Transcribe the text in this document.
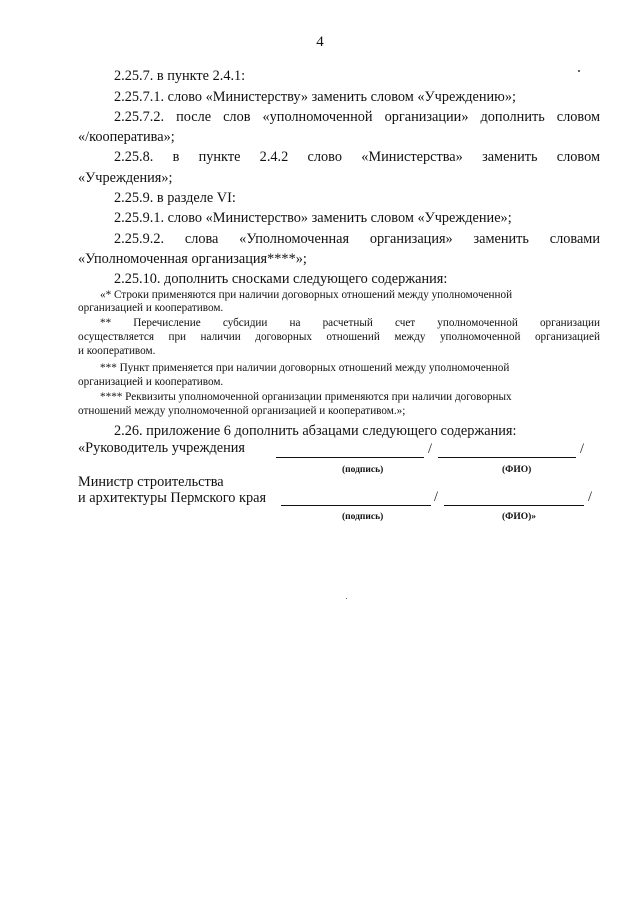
4
2.25.7. в пункте 2.4.1:
2.25.7.1. слово «Министерству» заменить словом «Учреждению»;
2.25.7.2. после слов «уполномоченной организации» дополнить словом
«/кооператива»;
2.25.8. в пункте 2.4.2 слово «Министерства» заменить словом
«Учреждения»;
2.25.9. в разделе VI:
2.25.9.1. слово «Министерство» заменить словом «Учреждение»;
2.25.9.2. слова «Уполномоченная организация» заменить словами
«Уполномоченная организация****»;
2.25.10. дополнить сносками следующего содержания:
«* Строки применяются при наличии договорных отношений между уполномоченной
организацией и кооперативом.
** Перечисление субсидии на расчетный счет уполномоченной организации
осуществляется при наличии договорных отношений между уполномоченной организацией
и кооперативом.
*** Пункт применяется при наличии договорных отношений между уполномоченной
организацией и кооперативом.
**** Реквизиты уполномоченной организации применяются при наличии договорных
отношений между уполномоченной организацией и кооперативом.»;
2.26. приложение 6 дополнить абзацами следующего содержания:
«Руководитель учреждения	/	/
(подпись)	(ФИО)
Министр строительства
и архитектуры Пермского края	/	/
(подпись)	(ФИО)»
